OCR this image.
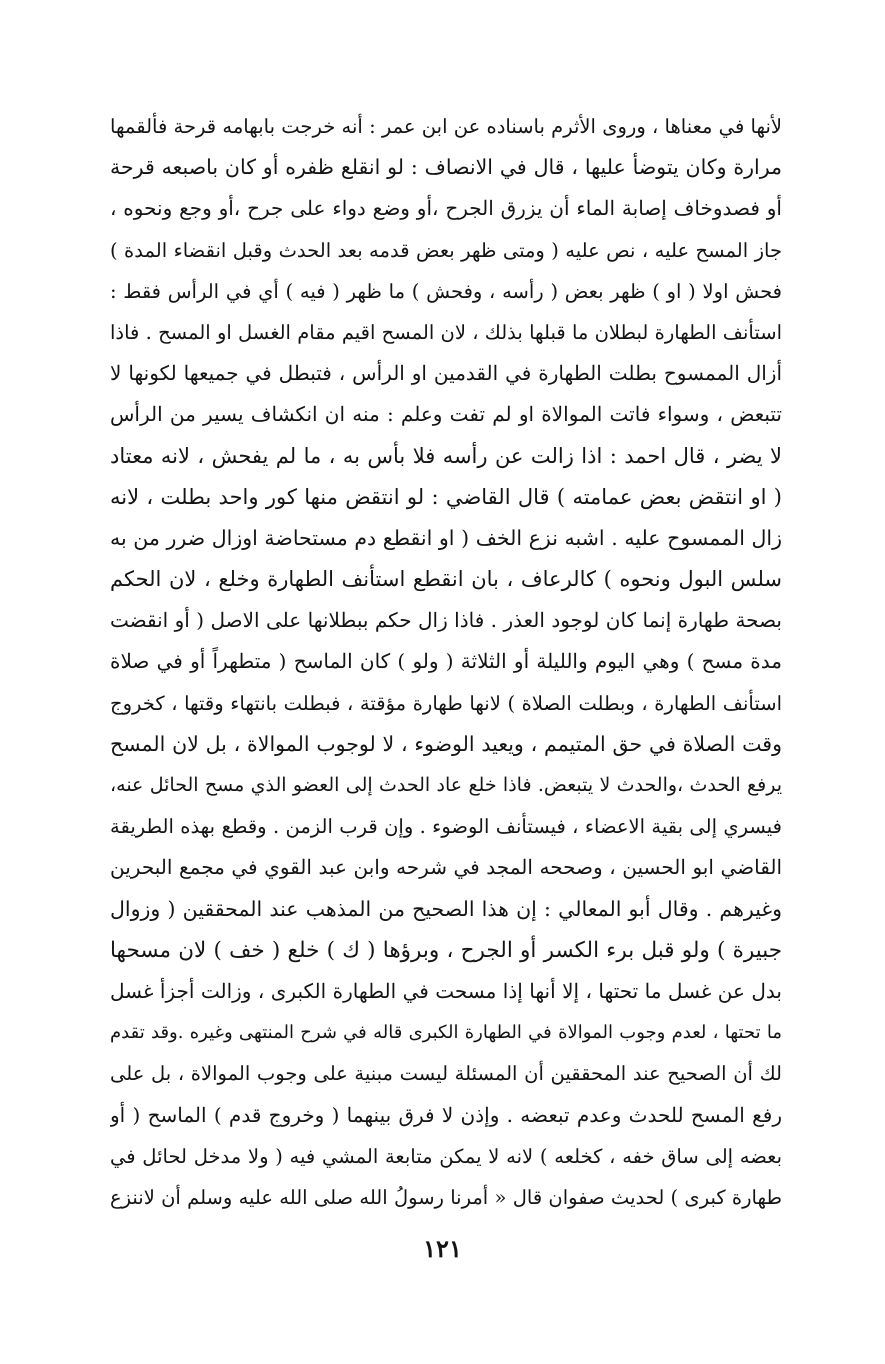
لأنها في معناها ، وروى الأثرم باسناده عن ابن عمر : أنه خرجت بابهامه قرحة فألقمها
مرارة وكان يتوضأ عليها ، قال في الانصاف : لو انقلع ظفره أو كان باصبعه قرحة
أو فصدوخاف إصابة الماء أن يزرق الجرح ،أو وضع دواء على جرح ،أو وجع ونحوه ،
جاز المسح عليه ، نص عليه ( ومتى ظهر بعض قدمه بعد الحدث وقبل انقضاء المدة )
فحش اولا ( او ) ظهر بعض ( رأسه ، وفحش ) ما ظهر ( فيه ) أي في الرأس فقط :
استأنف الطهارة لبطلان ما قبلها بذلك ، لان المسح اقيم مقام الغسل او المسح . فاذا
أزال الممسوح بطلت الطهارة في القدمين او الرأس ، فتبطل في جميعها لكونها لا
تتبعض ، وسواء فاتت الموالاة او لم تفت وعلم : منه ان انكشاف يسير من الرأس
لا يضر ، قال احمد : اذا زالت عن رأسه فلا بأس به ، ما لم يفحش ، لانه معتاد
( او انتقض بعض عمامته ) قال القاضي : لو انتقض منها كور واحد بطلت ، لانه
زال الممسوح عليه . اشبه نزع الخف ( او انقطع دم مستحاضة اوزال ضرر من به
سلس البول ونحوه ) كالرعاف ، بان انقطع استأنف الطهارة وخلع ، لان الحكم
بصحة طهارة إنما كان لوجود العذر . فاذا زال حكم ببطلانها على الاصل ( أو انقضت
مدة مسح ) وهي اليوم والليلة أو الثلاثة ( ولو ) كان الماسح ( متطهراً أو في صلاة
استأنف الطهارة ، وبطلت الصلاة ) لانها طهارة مؤقتة ، فبطلت بانتهاء وقتها ، كخروج
وقت الصلاة في حق المتيمم ، ويعيد الوضوء ، لا لوجوب الموالاة ، بل لان المسح
يرفع الحدث ،والحدث لا يتبعض. فاذا خلع عاد الحدث إلى العضو الذي مسح الحائل عنه،
فيسري إلى بقية الاعضاء ، فيستأنف الوضوء . وإن قرب الزمن . وقطع بهذه الطريقة
القاضي ابو الحسين ، وصححه المجد في شرحه وابن عبد القوي في مجمع البحرين
وغيرهم . وقال أبو المعالي : إن هذا الصحيح من المذهب عند المحققين ( وزوال
جبيرة ) ولو قبل برء الكسر أو الجرح ، وبرؤها ( ك ) خلع ( خف ) لان مسحها
بدل عن غسل ما تحتها ، إلا أنها إذا مسحت في الطهارة الكبرى ، وزالت أجزأ غسل
ما تحتها ، لعدم وجوب الموالاة في الطهارة الكبرى قاله في شرح المنتهى وغيره .وقد تقدم
لك أن الصحيح عند المحققين أن المسئلة ليست مبنية على وجوب الموالاة ، بل على
رفع المسح للحدث وعدم تبعضه . وإذن لا فرق بينهما ( وخروج قدم ) الماسح ( أو
بعضه إلى ساق خفه ، كخلعه ) لانه لا يمكن متابعة المشي فيه ( ولا مدخل لحائل في
طهارة كبرى ) لحديث صفوان قال « أمرنا رسولُ الله صلى الله عليه وسلم أن لاننزع
١٢١
